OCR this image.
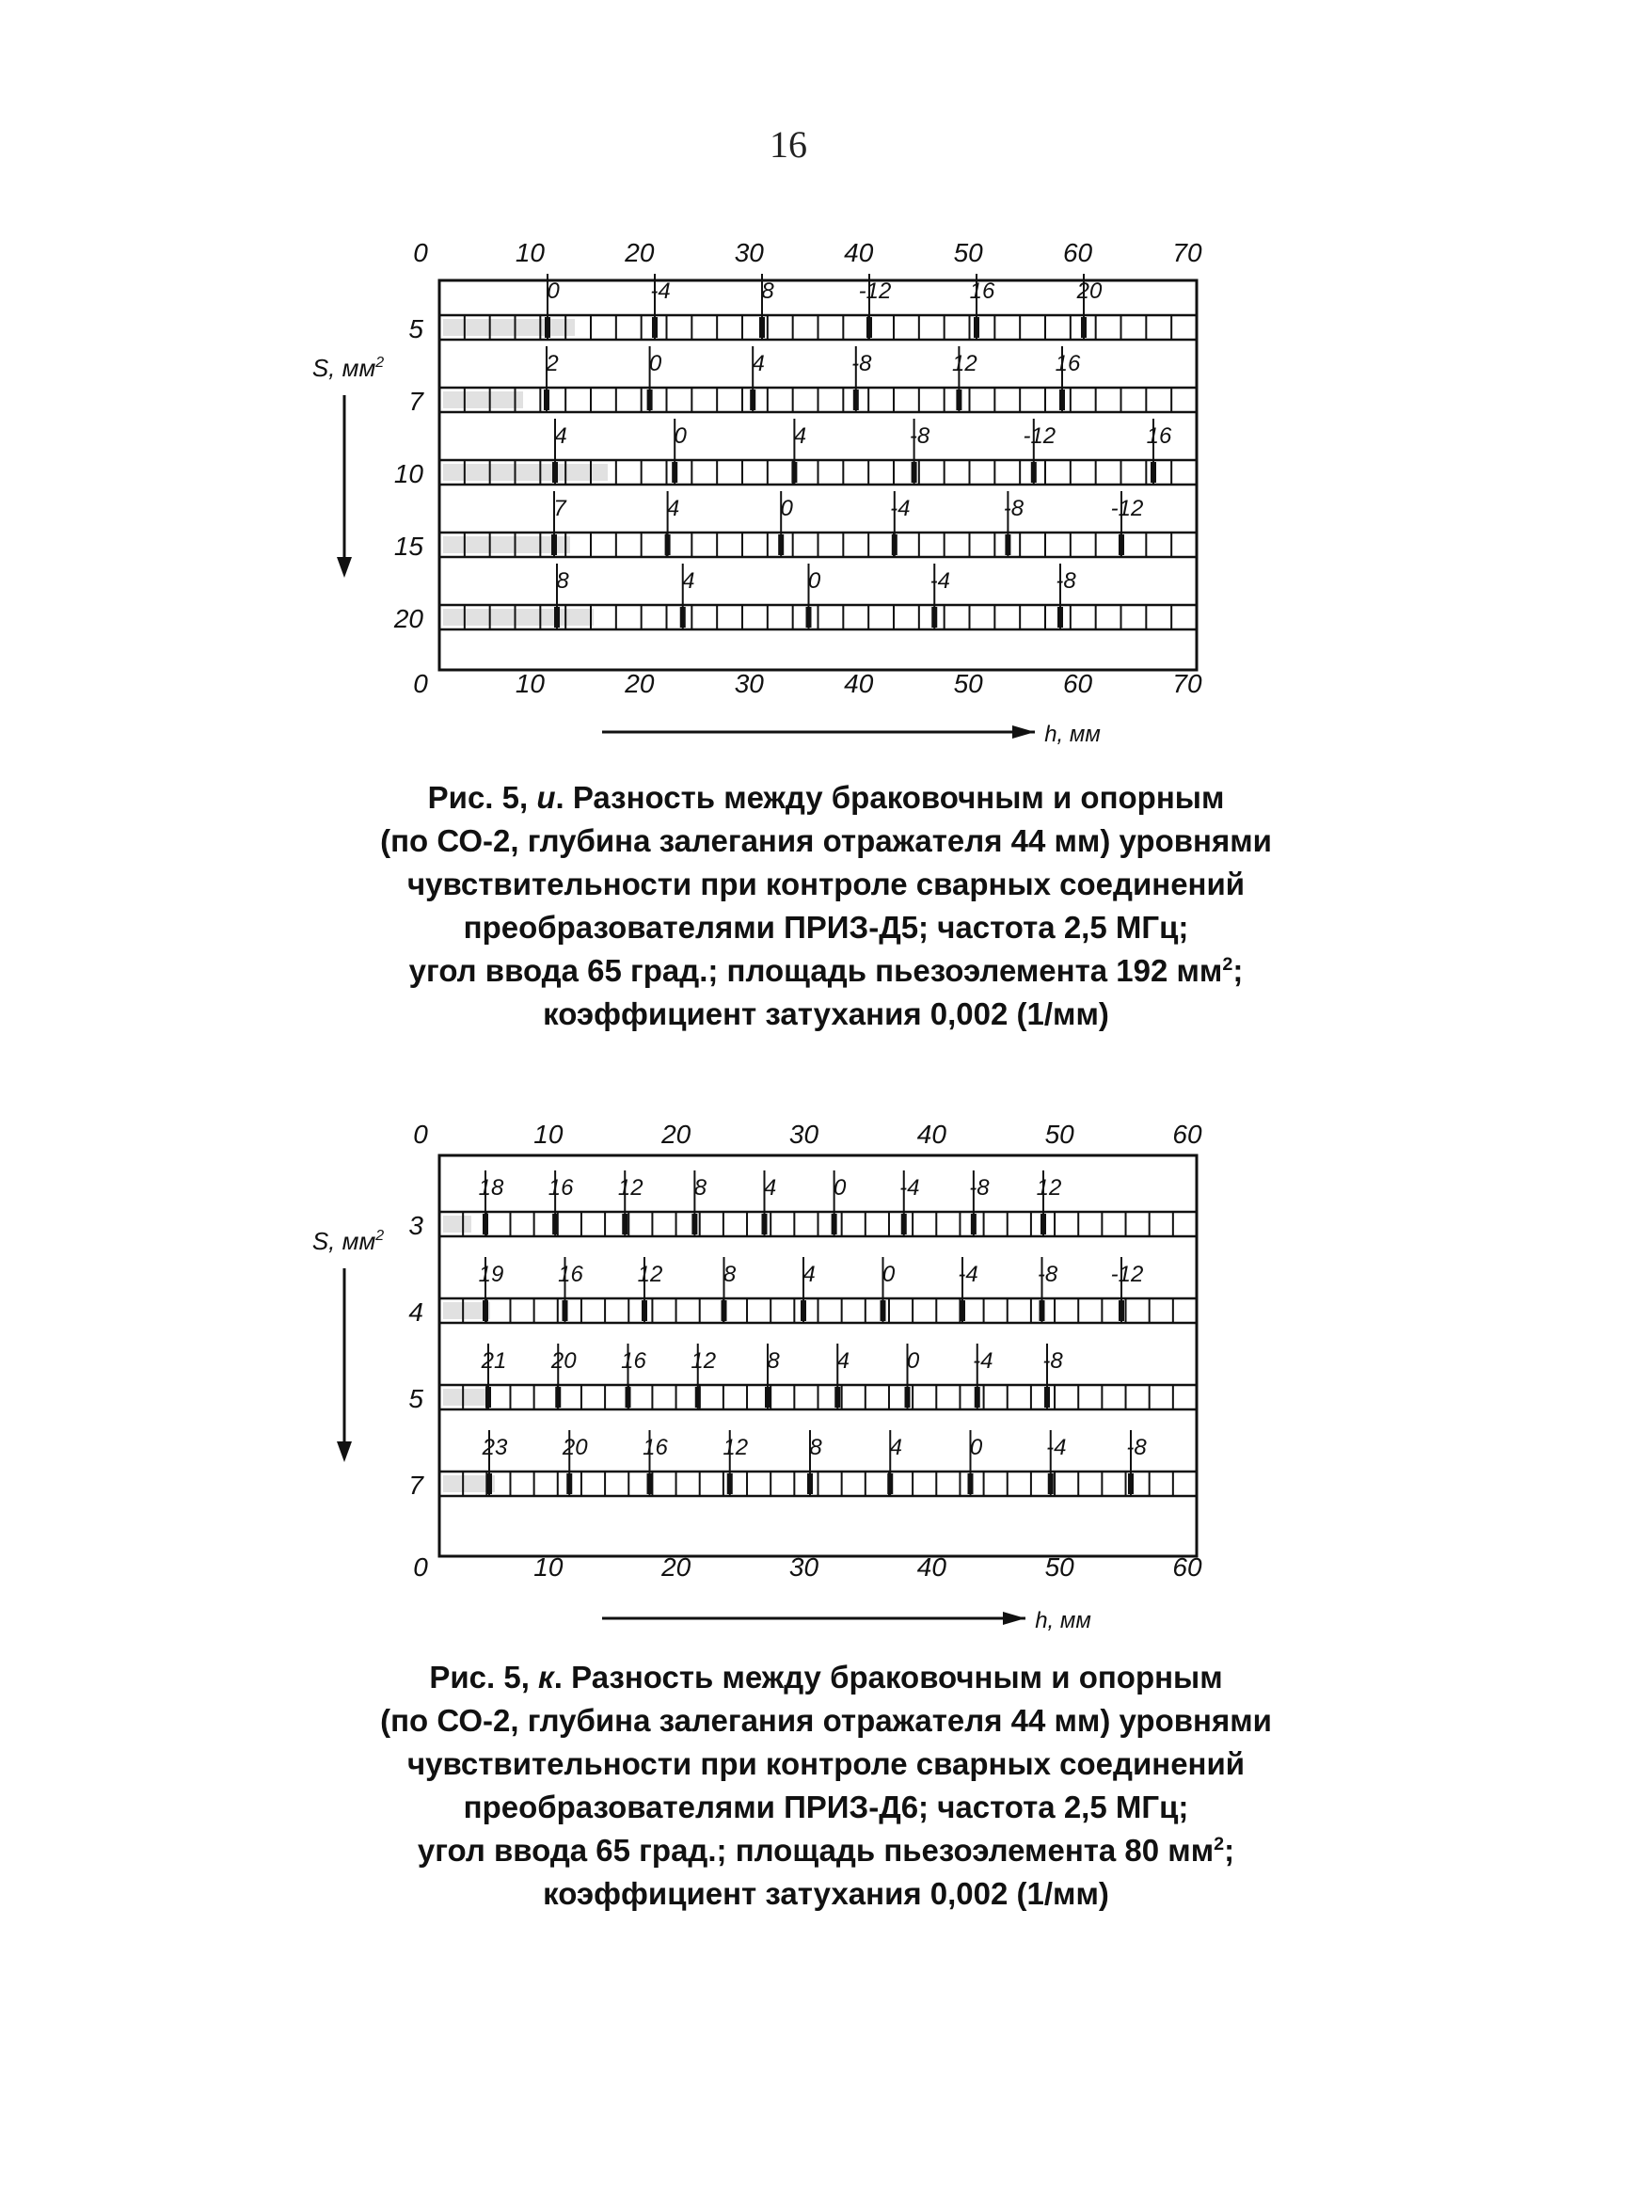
16
0	10	20	30	40	50	60	70
0	10	20	30	40	50	60	70
5
0	-4	8	-12	16	20
7
2	0	4	-8	12	16
10
4	0	4	-8	-12	16
15
7	4	0	-4	-8	-12
20
8	4	0	-4	-8
S, $мм^2$
h, мм
Рис. 5, и. Разность между браковочным и опорным
(по СО-2, глубина залегания отражателя 44 мм) уровнями
чувствительности при контроле сварных соединений
преобразователями ПРИЗ-Д5; частота 2,5 МГц;
угол ввода 65 град.; площадь пьезоэлемента 192 $мм^2$;
коэффициент затухания 0,002 (1/мм)
0	10	20	30	40	50	60
0	10	20	30	40	50	60
3
18 16 12 8	4	0 -4 -8 12
4
19 16 12	8	4	0	-4	-8 -12
5
21 20 16 12 8	4	0 -4 -8
7
23 20 16 12	8	4	0	-4	-8
S, $мм^2$
h, мм
Рис. 5, к. Разность между браковочным и опорным
(по СО-2, глубина залегания отражателя 44 мм) уровнями
чувствительности при контроле сварных соединений
преобразователями ПРИЗ-Д6; частота 2,5 МГц;
угол ввода 65 град.; площадь пьезоэлемента 80 $мм^2$;
коэффициент затухания 0,002 (1/мм)
